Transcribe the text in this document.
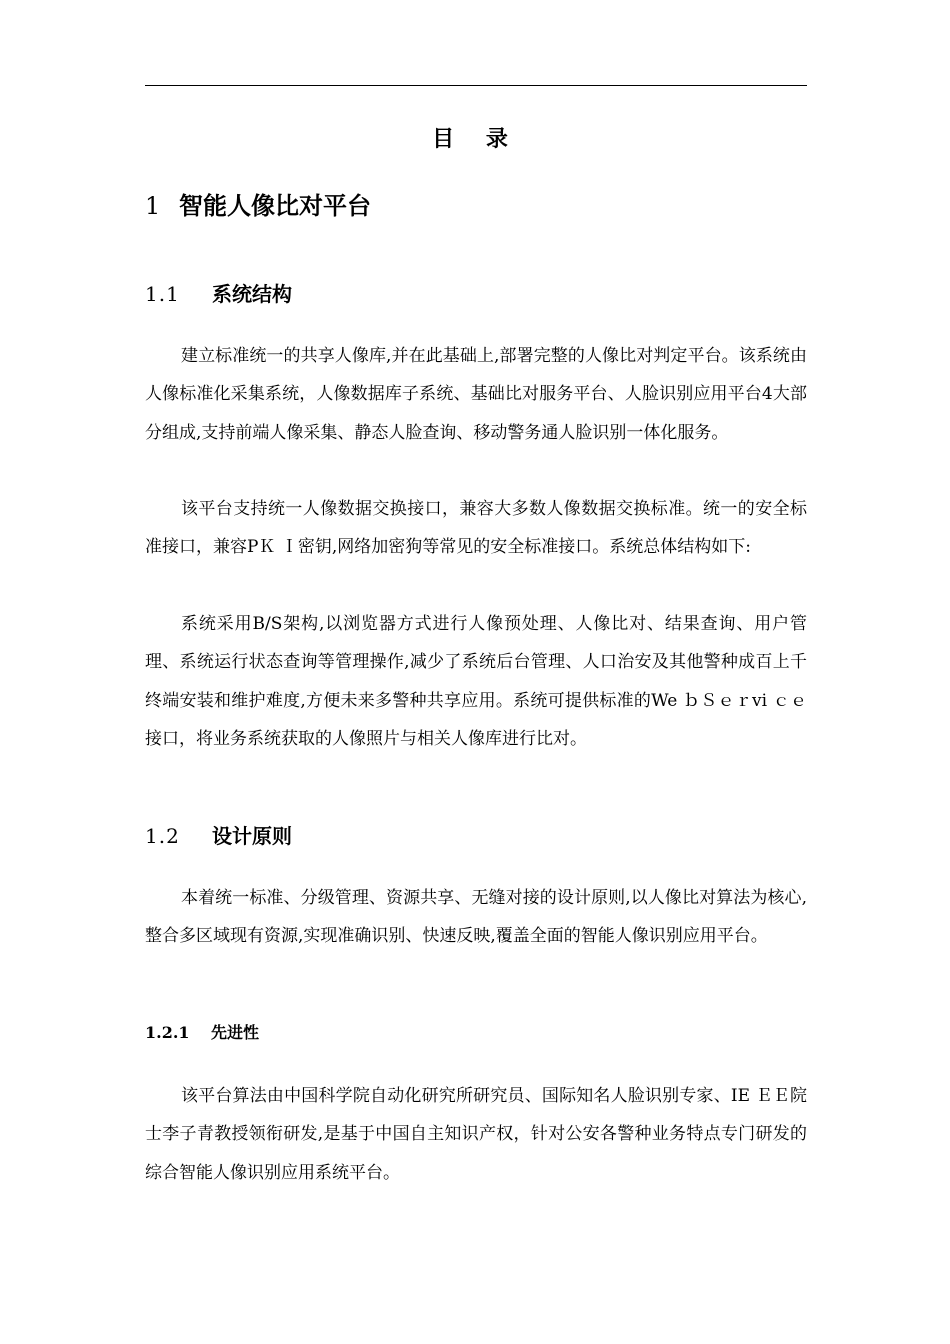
目 录
1 智能人像比对平台
1.1 系统结构

建立标准统一的共享人像库,并在此基础上,部署完整的人像比对判定平台。该系统由人像标准化采集系统，人像数据库子系统、基础比对服务平台、人脸识别应用平台4大部分组成,支持前端人像采集、静态人脸查询、移动警务通人脸识别一体化服务。

该平台支持统一人像数据交换接口，兼容大多数人像数据交换标准。统一的安全标准接口，兼容PＫ Ｉ密钥,网络加密狗等常见的安全标准接口。系统总体结构如下:

系统采用B/S架构,以浏览器方式进行人像预处理、人像比对、结果查询、用户管理、系统运行状态查询等管理操作,减少了系统后台管理、人口治安及其他警种成百上千终端安装和维护难度,方便未来多警种共享应用。系统可提供标准的We ｂＳｅｒvi ｃｅ接口，将业务系统获取的人像照片与相关人像库进行比对。

1.2 设计原则

本着统一标准、分级管理、资源共享、无缝对接的设计原则,以人像比对算法为核心,整合多区域现有资源,实现准确识别、快速反映,覆盖全面的智能人像识别应用平台。

1.2.1 先进性

该平台算法由中国科学院自动化研究所研究员、国际知名人脸识别专家、IE ＥＥ院士李子青教授领衔研发,是基于中国自主知识产权，针对公安各警种业务特点专门研发的综合智能人像识别应用系统平台。
